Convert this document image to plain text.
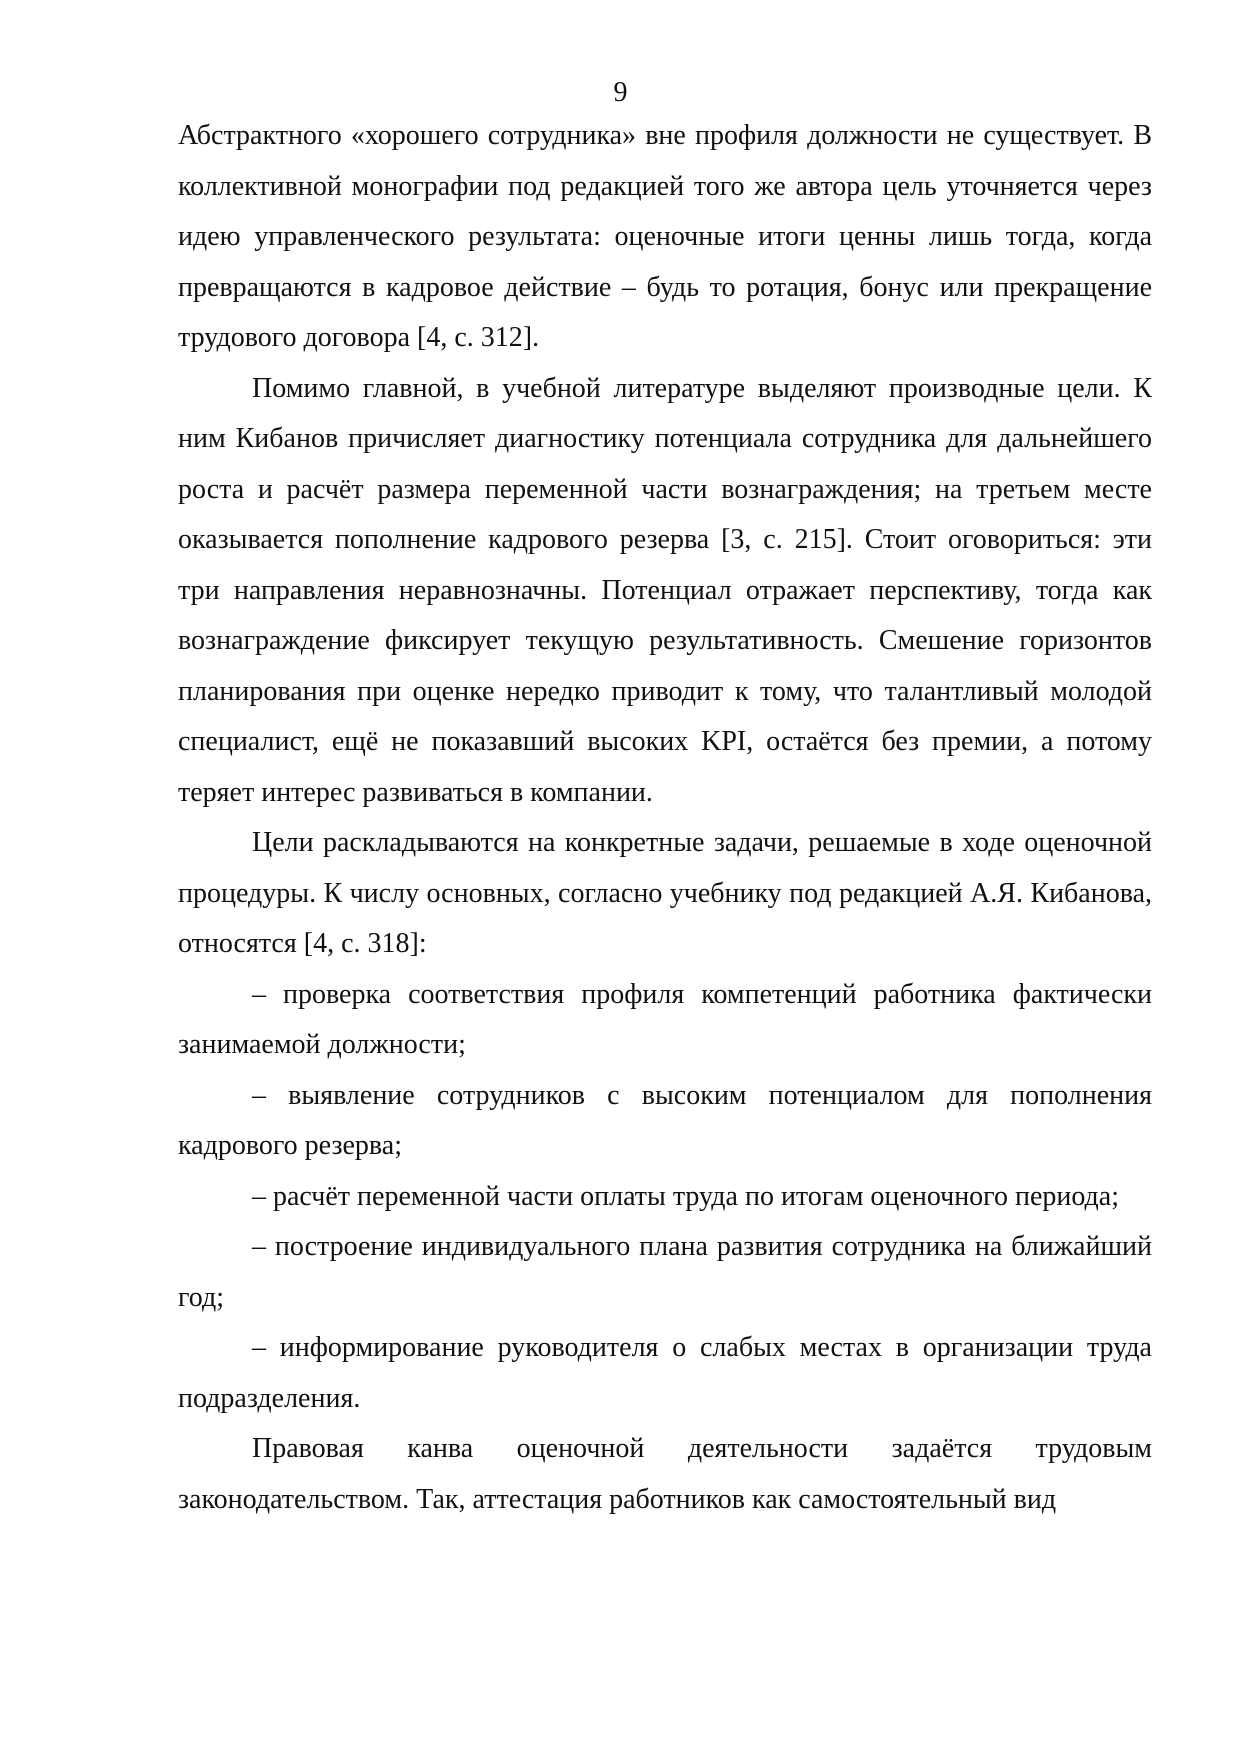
9

Абстрактного «хорошего сотрудника» вне профиля должности не существует. В коллективной монографии под редакцией того же автора цель уточняется через идею управленческого результата: оценочные итоги ценны лишь тогда, когда превращаются в кадровое действие – будь то ротация, бонус или прекращение трудового договора [4, с. 312].

Помимо главной, в учебной литературе выделяют производные цели. К ним Кибанов причисляет диагностику потенциала сотрудника для дальнейшего роста и расчёт размера переменной части вознаграждения; на третьем месте оказывается пополнение кадрового резерва [3, с. 215]. Стоит оговориться: эти три направления неравнозначны. Потенциал отражает перспективу, тогда как вознаграждение фиксирует текущую результативность. Смешение горизонтов планирования при оценке нередко приводит к тому, что талантливый молодой специалист, ещё не показавший высоких KPI, остаётся без премии, а потому теряет интерес развиваться в компании.

Цели раскладываются на конкретные задачи, решаемые в ходе оценочной процедуры. К числу основных, согласно учебнику под редакцией А.Я. Кибанова, относятся [4, с. 318]:

– проверка соответствия профиля компетенций работника фактически занимаемой должности;

– выявление сотрудников с высоким потенциалом для пополнения кадрового резерва;

– расчёт переменной части оплаты труда по итогам оценочного периода;

– построение индивидуального плана развития сотрудника на ближайший год;

– информирование руководителя о слабых местах в организации труда подразделения.

Правовая канва оценочной деятельности задаётся трудовым законодательством. Так, аттестация работников как самостоятельный вид
